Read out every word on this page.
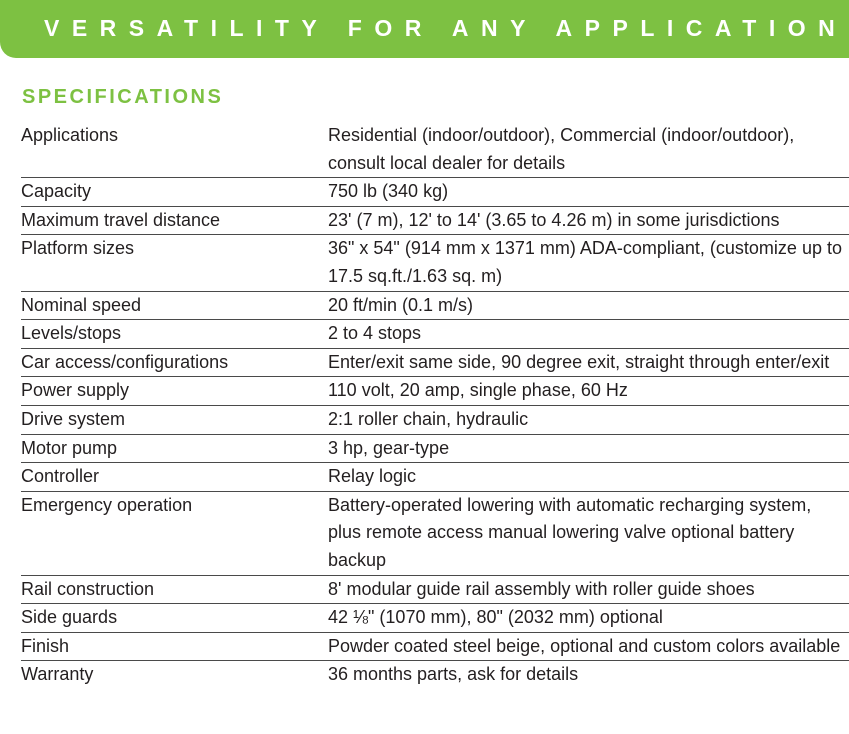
VERSATILITY FOR ANY APPLICATION
SPECIFICATIONS
Applications	Residential (indoor/outdoor), Commercial (indoor/outdoor), consult local dealer for details
Capacity	750 lb (340 kg)
Maximum travel distance	23' (7 m), 12' to 14' (3.65 to 4.26 m) in some jurisdictions
Platform sizes	36" x 54" (914 mm x 1371 mm) ADA-compliant, (customize up to 17.5 sq.ft./1.63 sq. m)
Nominal speed	20 ft/min (0.1 m/s)
Levels/stops	2 to 4 stops
Car access/configurations	Enter/exit same side, 90 degree exit, straight through enter/exit
Power supply	110 volt, 20 amp, single phase, 60 Hz
Drive system	2:1 roller chain, hydraulic
Motor pump	3 hp, gear-type
Controller	Relay logic
Emergency operation	Battery-operated lowering with automatic recharging system, plus remote access manual lowering valve optional battery backup
Rail construction	8' modular guide rail assembly with roller guide shoes
Side guards	42 ⅛" (1070 mm), 80" (2032 mm) optional
Finish	Powder coated steel beige, optional and custom colors available
Warranty	36 months parts, ask for details
